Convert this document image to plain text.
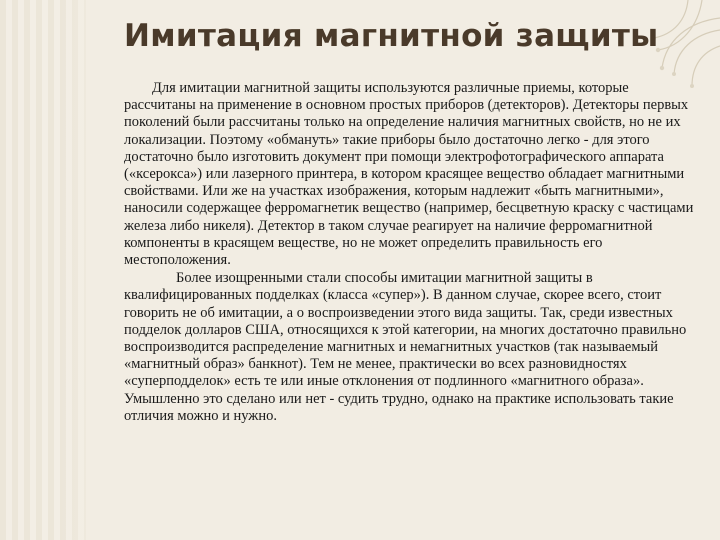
Имитация магнитной защиты

Для имитации магнитной защиты используются различные приемы, которые рассчитаны на применение в основном простых приборов (детекторов). Детекторы первых поколений были рассчитаны только на определение наличия магнитных свойств, но не их локализации. Поэтому «обмануть» такие приборы было достаточно легко - для этого достаточно было изготовить документ при помощи электрофотографического аппарата («ксерокса») или лазерного принтера, в котором красящее вещество обладает магнитными свойствами. Или же на участках изображения, которым надлежит «быть магнитными», наносили содержащее ферромагнетик вещество (например, бесцветную краску с частицами железа либо никеля). Детектор в таком случае реагирует на наличие ферромагнитной компоненты в красящем веществе, но не может определить правильность его местоположения.

Более изощренными стали способы имитации магнитной защиты в квалифицированных подделках (класса «супер»). В данном случае, скорее всего, стоит говорить не об имитации, а о воспроизведении этого вида защиты. Так, среди известных подделок долларов США, относящихся к этой категории, на многих достаточно правильно воспроизводится распределение магнитных и немагнитных участков (так называемый «магнитный образ» банкнот). Тем не менее, практически во всех разновидностях «суперподделок» есть те или иные отклонения от подлинного «магнитного образа». Умышленно это сделано или нет - судить трудно, однако на практике использовать такие отличия можно и нужно.
